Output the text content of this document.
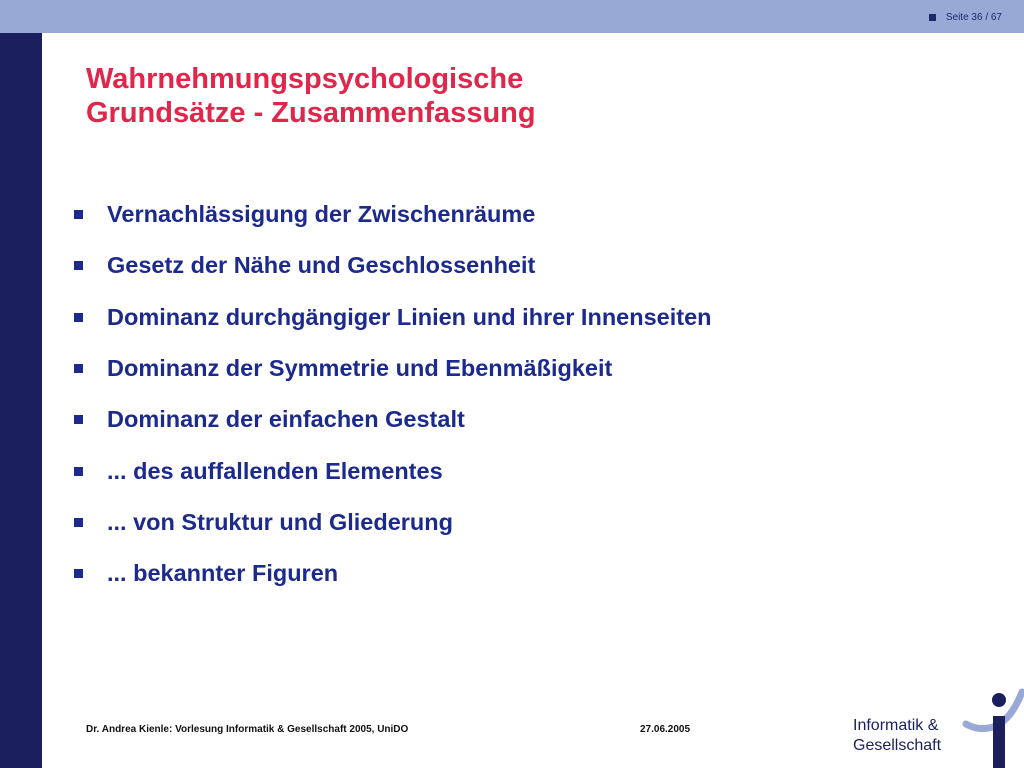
Seite 36 / 67
Wahrnehmungspsychologische
Grundsätze - Zusammenfassung
Vernachlässigung der Zwischenräume
Gesetz der Nähe und Geschlossenheit
Dominanz durchgängiger Linien und ihrer Innenseiten
Dominanz der Symmetrie und Ebenmäßigkeit
Dominanz der einfachen Gestalt
... des auffallenden Elementes
... von Struktur und Gliederung
... bekannter Figuren
Dr. Andrea Kienle: Vorlesung Informatik & Gesellschaft 2005, UniDO	27.06.2005	Informatik &
Gesellschaft
